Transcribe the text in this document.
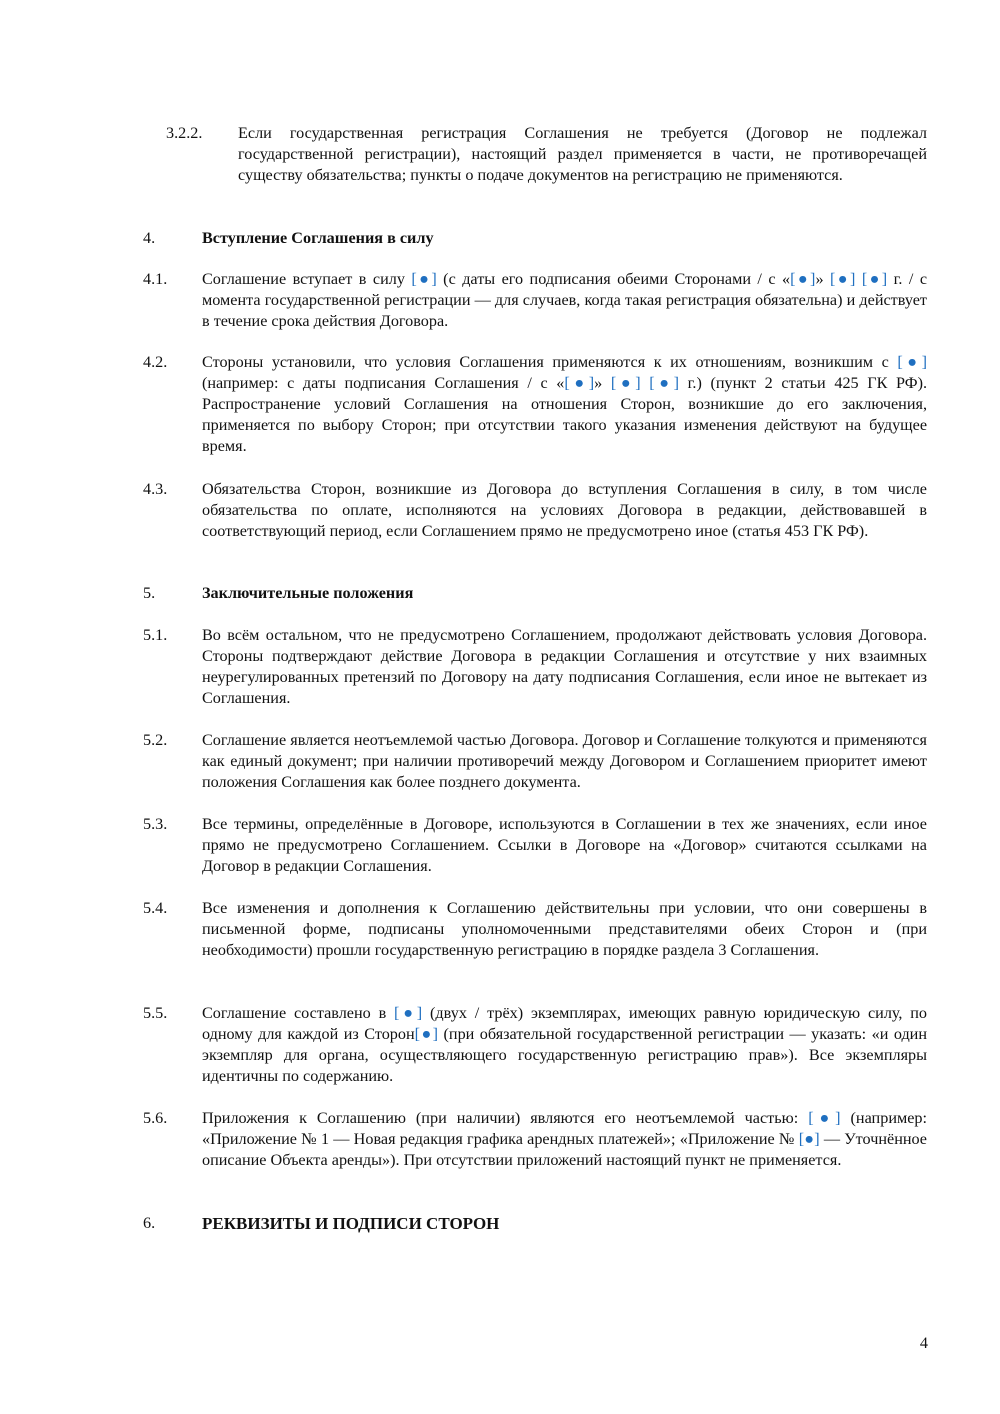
3.2.2. Если государственная регистрация Соглашения не требуется (Договор не подлежал государственной регистрации), настоящий раздел применяется в части, не противоречащей существу обязательства; пункты о подаче документов на регистрацию не применяются.
4.	Вступление Соглашения в силу
4.1. Соглашение вступает в силу [●] (с даты его подписания обеими Сторонами / с «[●]» [●] [●] г. / с момента государственной регистрации — для случаев, когда такая регистрация обязательна) и действует в течение срока действия Договора.
4.2. Стороны установили, что условия Соглашения применяются к их отношениям, возникшим с [●] (например: с даты подписания Соглашения / с «[●]» [●] [●] г.) (пункт 2 статьи 425 ГК РФ). Распространение условий Соглашения на отношения Сторон, возникшие до его заключения, применяется по выбору Сторон; при отсутствии такого указания изменения действуют на будущее время.
4.3. Обязательства Сторон, возникшие из Договора до вступления Соглашения в силу, в том числе обязательства по оплате, исполняются на условиях Договора в редакции, действовавшей в соответствующий период, если Соглашением прямо не предусмотрено иное (статья 453 ГК РФ).
5.	Заключительные положения
5.1. Во всём остальном, что не предусмотрено Соглашением, продолжают действовать условия Договора. Стороны подтверждают действие Договора в редакции Соглашения и отсутствие у них взаимных неурегулированных претензий по Договору на дату подписания Соглашения, если иное не вытекает из Соглашения.
5.2. Соглашение является неотъемлемой частью Договора. Договор и Соглашение толкуются и применяются как единый документ; при наличии противоречий между Договором и Соглашением приоритет имеют положения Соглашения как более позднего документа.
5.3. Все термины, определённые в Договоре, используются в Соглашении в тех же значениях, если иное прямо не предусмотрено Соглашением. Ссылки в Договоре на «Договор» считаются ссылками на Договор в редакции Соглашения.
5.4. Все изменения и дополнения к Соглашению действительны при условии, что они совершены в письменной форме, подписаны уполномоченными представителями обеих Сторон и (при необходимости) прошли государственную регистрацию в порядке раздела 3 Соглашения.
5.5. Соглашение составлено в [●] (двух / трёх) экземплярах, имеющих равную юридическую силу, по одному для каждой из Сторон[●] (при обязательной государственной регистрации — указать: «и один экземпляр для органа, осуществляющего государственную регистрацию прав»). Все экземпляры идентичны по содержанию.
5.6. Приложения к Соглашению (при наличии) являются его неотъемлемой частью: [●] (например: «Приложение № 1 — Новая редакция графика арендных платежей»; «Приложение № [●] — Уточнённое описание Объекта аренды»). При отсутствии приложений настоящий пункт не применяется.
6.	РЕКВИЗИТЫ И ПОДПИСИ СТОРОН
4
